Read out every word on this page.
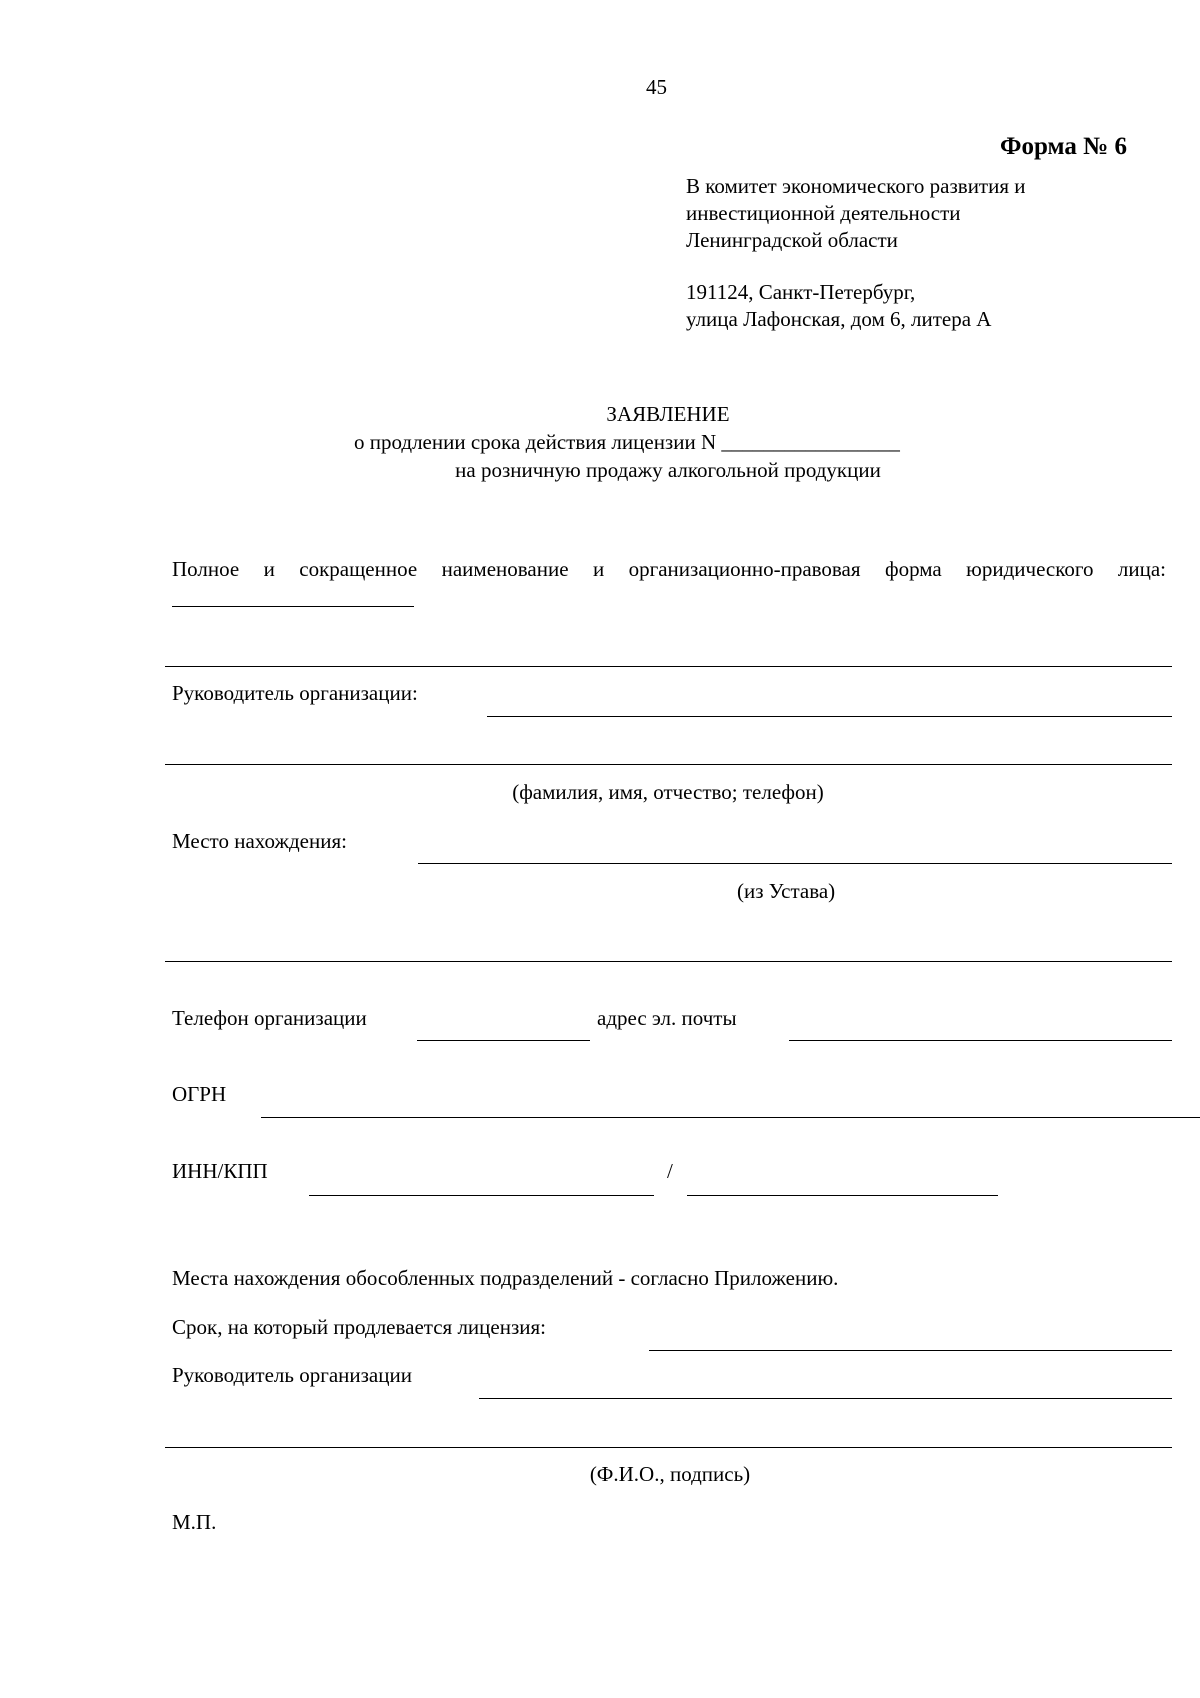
45
Форма № 6
В комитет экономического развития и
инвестиционной деятельности
Ленинградской области
191124, Санкт-Петербург,
улица Лафонская, дом 6, литера А
ЗАЯВЛЕНИЕ
о продлении срока действия лицензии N _________________
на розничную продажу алкогольной продукции
Полное и сокращенное наименование и организационно-правовая форма юридического лица:
Руководитель организации:
(фамилия, имя, отчество; телефон)
Место нахождения:
(из Устава)
Телефон организации	адрес эл. почты
ОГРН
ИНН/КПП	/
Места нахождения обособленных подразделений - согласно Приложению.
Срок, на который продлевается лицензия:
Руководитель организации
(Ф.И.О., подпись)
М.П.
